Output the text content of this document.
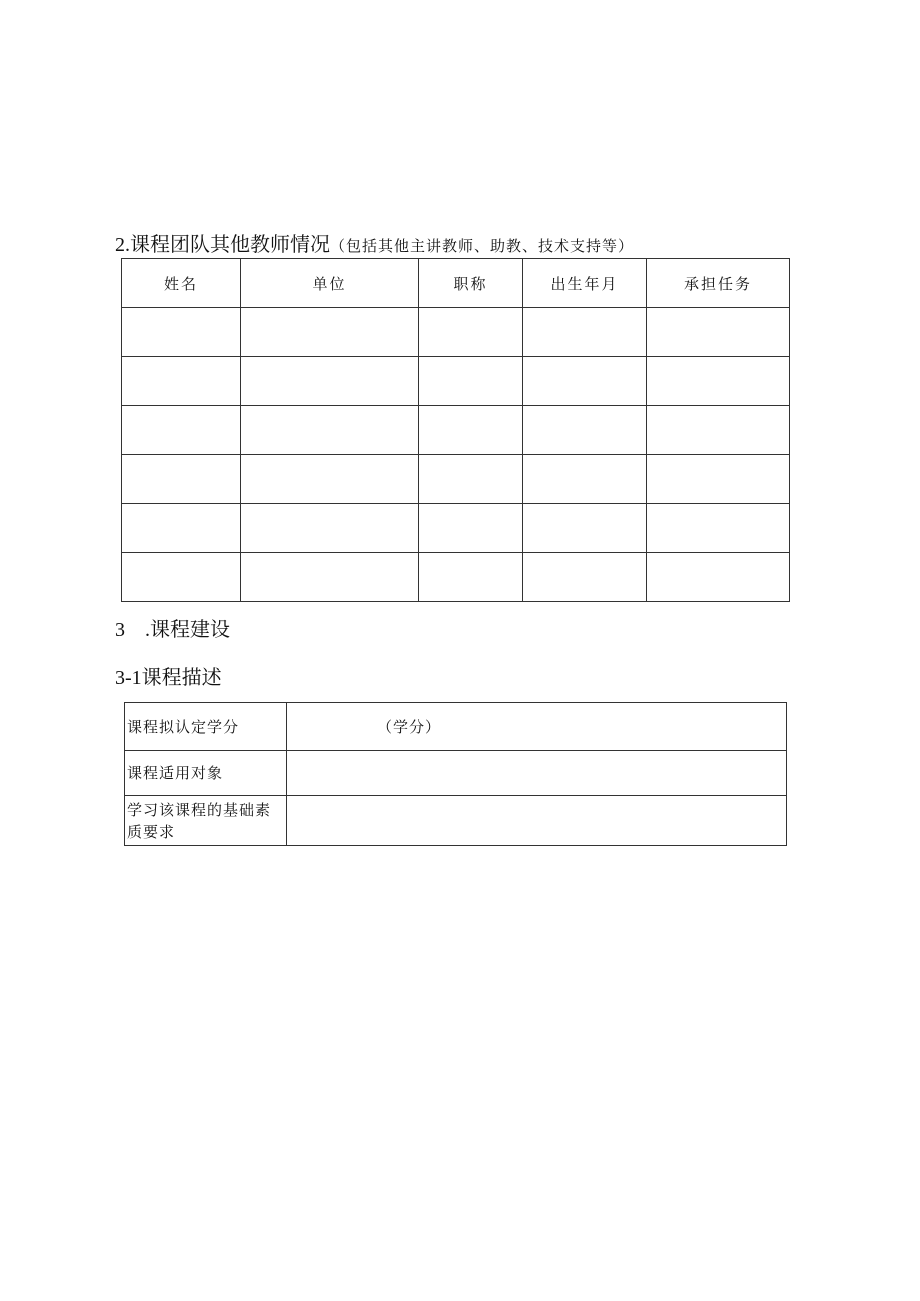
2.课程团队其他教师情况（包括其他主讲教师、助教、技术支持等）
姓名	单位	职称	出生年月	承担任务

3　.课程建设
3-1课程描述
课程拟认定学分	（学分）
课程适用对象	
学习该课程的基础素质要求	
